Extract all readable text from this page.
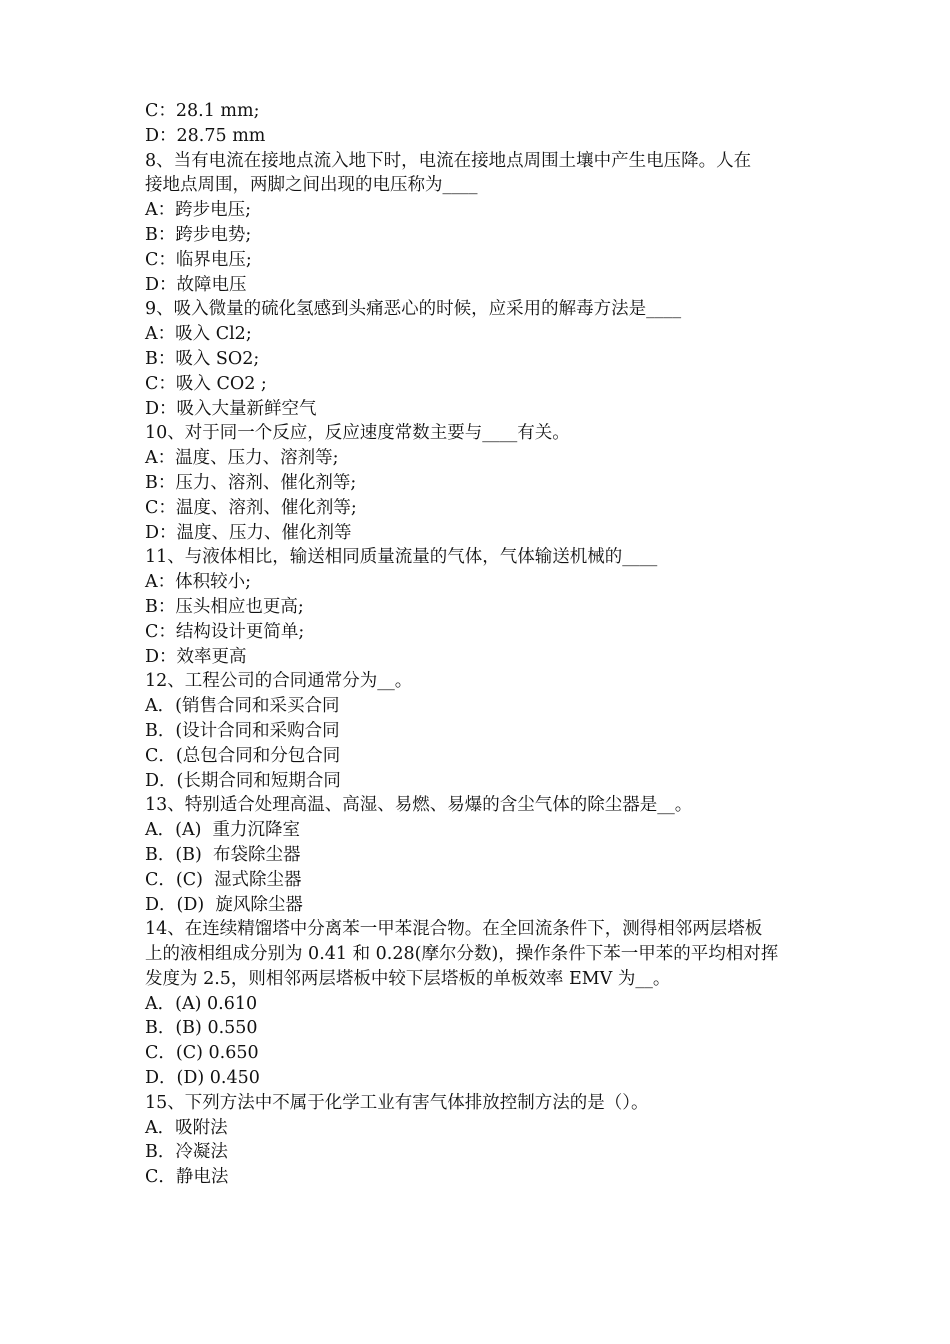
C：28.1 mm;

D：28.75 mm

8、当有电流在接地点流入地下时，电流在接地点周围土壤中产生电压降。人在

接地点周围，两脚之间出现的电压称为____

A：跨步电压;

B：跨步电势;

C：临界电压;

D：故障电压

9、吸入微量的硫化氢感到头痛恶心的时候，应采用的解毒方法是____

A：吸入 Cl2;

B：吸入 SO2;

C：吸入 CO2 ;

D：吸入大量新鲜空气

10、对于同一个反应，反应速度常数主要与____有关。

A：温度、压力、溶剂等;

B：压力、溶剂、催化剂等;

C：温度、溶剂、催化剂等;

D：温度、压力、催化剂等

11、与液体相比，输送相同质量流量的气体，气体输送机械的____

A：体积较小;

B：压头相应也更高;

C：结构设计更简单;

D：效率更高

12、工程公司的合同通常分为__。

A．(销售合同和采买合同

B．(设计合同和采购合同

C．(总包合同和分包合同

D．(长期合同和短期合同

13、特别适合处理高温、高湿、易燃、易爆的含尘气体的除尘器是__。

A．(A)  重力沉降室

B．(B)  布袋除尘器

C．(C)  湿式除尘器

D．(D)  旋风除尘器

14、在连续精馏塔中分离苯一甲苯混合物。在全回流条件下，测得相邻两层塔板

上的液相组成分别为 0.41 和 0.28(摩尔分数)，操作条件下苯一甲苯的平均相对挥

发度为 2.5，则相邻两层塔板中较下层塔板的单板效率 EMV 为__。

A．(A) 0.610

B．(B) 0.550

C．(C) 0.650

D．(D) 0.450

15、下列方法中不属于化学工业有害气体排放控制方法的是（）。

A．吸附法

B．冷凝法

C．静电法
